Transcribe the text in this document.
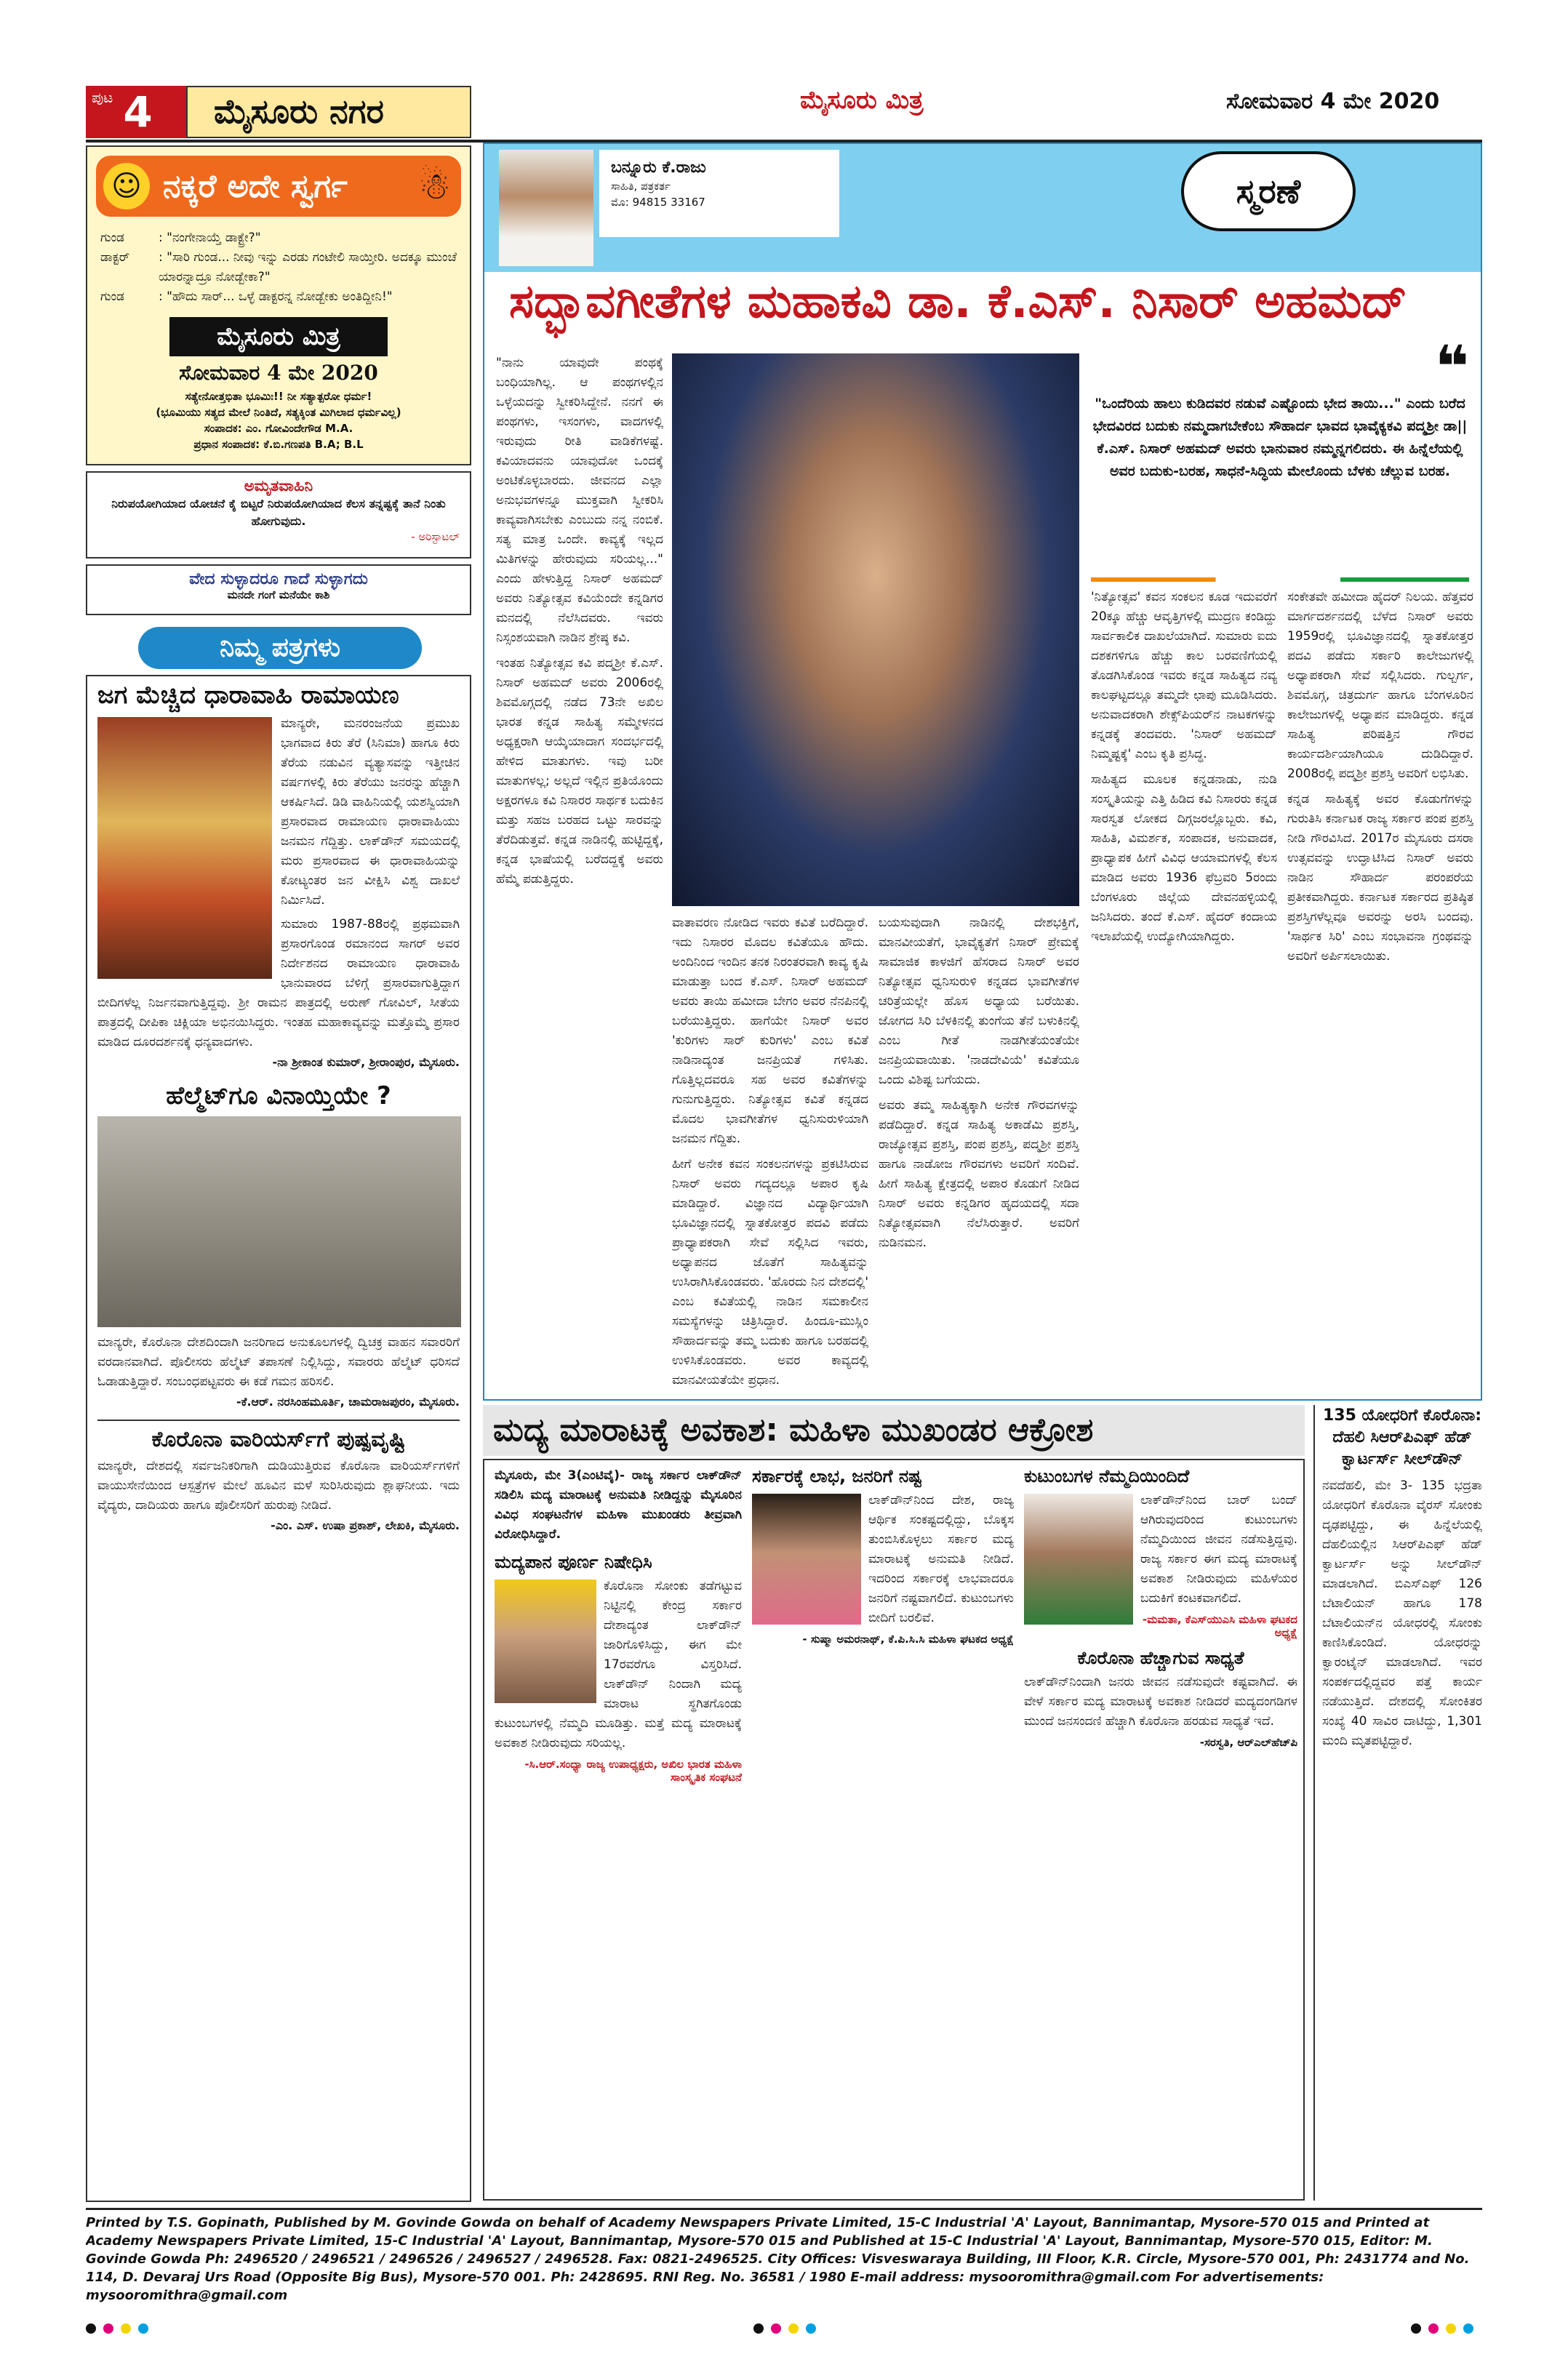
ಪುಟ 4 ಮೈಸೂರು ನಗರ	ಮೈಸೂರು ಮಿತ್ರ	ಸೋಮವಾರ 4 ಮೇ 2020
☺ ನಕ್ಕರೆ ಅದೇ ಸ್ವರ್ಗ ☃
ಗುಂಡ	: "ನಂಗೇನಾಯ್ತೆ ಡಾಕ್ಟ್ರೇ?"
ಡಾಕ್ಟರ್	: "ಸಾರಿ ಗುಂಡ... ನೀವು ಇನ್ನು ಎರಡು ಗಂಟೇಲಿ ಸಾಯ್ತೀರಿ. ಅದಕ್ಕೂ ಮುಂಚೆ ಯಾರನ್ನಾದ್ರೂ ನೋಡ್ಬೇಕಾ?"
ಗುಂಡ	: "ಹೌದು ಸಾರ್... ಒಳ್ಳೆ ಡಾಕ್ಟರನ್ನ ನೋಡ್ಬೇಕು ಅಂತಿದ್ದೀನಿ!"
ಮೈಸೂರು ಮಿತ್ರ
ಸೋಮವಾರ 4 ಮೇ 2020
ಸತ್ಯೇನೋತ್ತಭಿತಾ ಭೂಮಿಃ!! ನೀ ಸತ್ಯಾತ್ಪರೋ ಧರ್ಮ!
(ಭೂಮಿಯು ಸತ್ಯದ ಮೇಲೆ ನಿಂತಿದೆ, ಸತ್ಯಕ್ಕಿಂತ ಮಿಗಿಲಾದ ಧರ್ಮವಿಲ್ಲ)
ಸಂಪಾದಕ: ಎಂ. ಗೋವಿಂದೇಗೌಡ M.A.
ಪ್ರಧಾನ ಸಂಪಾದಕ: ಕೆ.ಬಿ.ಗಣಪತಿ B.A; B.L
ಅಮೃತವಾಹಿನಿ
ನಿರುಪಯೋಗಿಯಾದ ಯೋಚನೆ ಕೈ ಬಿಟ್ಟರೆ ನಿರುಪಯೋಗಿಯಾದ ಕೆಲಸ ತನ್ನಷ್ಟಕ್ಕೆ ತಾನೆ ನಿಂತು ಹೋಗುವುದು.
- ಅರಿಸ್ಟಾಟಲ್
ವೇದ ಸುಳ್ಳಾದರೂ ಗಾದೆ ಸುಳ್ಳಾಗದು
ಮನದೇ ಗಂಗೆ ಮನೆಯೇ ಕಾಶಿ
ನಿಮ್ಮ ಪತ್ರಗಳು
ಜಗ ಮೆಚ್ಚಿದ ಧಾರಾವಾಹಿ ರಾಮಾಯಣ
ಮಾನ್ಯರೇ, ಮನರಂಜನೆಯ ಪ್ರಮುಖ ಭಾಗವಾದ ಕಿರು ತೆರೆ (ಸಿನಿಮಾ) ಹಾಗೂ ಕಿರು ತೆರೆಯ ನಡುವಿನ ವ್ಯತ್ಯಾಸವನ್ನು ಇತ್ತೀಚಿನ ವರ್ಷಗಳಲ್ಲಿ ಕಿರು ತೆರೆಯು ಜನರನ್ನು ಹೆಚ್ಚಾಗಿ ಆಕರ್ಷಿಸಿದೆ. ಡಿಡಿ ವಾಹಿನಿಯಲ್ಲಿ ಯಶಸ್ವಿಯಾಗಿ ಪ್ರಸಾರವಾದ ರಾಮಾಯಣ ಧಾರಾವಾಹಿಯು ಜನಮನ ಗೆದ್ದಿತ್ತು. ಲಾಕ್‌ಡೌನ್ ಸಮಯದಲ್ಲಿ ಮರು ಪ್ರಸಾರವಾದ ಈ ಧಾರಾವಾಹಿಯನ್ನು ಕೋಟ್ಯಂತರ ಜನ ವೀಕ್ಷಿಸಿ ವಿಶ್ವ ದಾಖಲೆ ನಿರ್ಮಿಸಿದೆ.
ಸುಮಾರು 1987-88ರಲ್ಲಿ ಪ್ರಥಮವಾಗಿ ಪ್ರಸಾರಗೊಂಡ ರಮಾನಂದ ಸಾಗರ್ ಅವರ ನಿರ್ದೇಶನದ ರಾಮಾಯಣ ಧಾರಾವಾಹಿ ಭಾನುವಾರದ ಬೆಳಿಗ್ಗೆ ಪ್ರಸಾರವಾಗುತ್ತಿದ್ದಾಗ ಬೀದಿಗಳೆಲ್ಲ ನಿರ್ಜನವಾಗುತ್ತಿದ್ದವು. ಶ್ರೀ ರಾಮನ ಪಾತ್ರದಲ್ಲಿ ಅರುಣ್ ಗೋವಿಲ್, ಸೀತೆಯ ಪಾತ್ರದಲ್ಲಿ ದೀಪಿಕಾ ಚಿಕ್ಲಿಯಾ ಅಭಿನಯಿಸಿದ್ದರು. ಇಂತಹ ಮಹಾಕಾವ್ಯವನ್ನು ಮತ್ತೊಮ್ಮೆ ಪ್ರಸಾರ ಮಾಡಿದ ದೂರದರ್ಶನಕ್ಕೆ ಧನ್ಯವಾದಗಳು.
-ನಾ ಶ್ರೀಕಾಂತ ಕುಮಾರ್, ಶ್ರೀರಾಂಪುರ, ಮೈಸೂರು.
ಹೆಲ್ಮೆಟ್‌ಗೂ ವಿನಾಯ್ತಿಯೇ ?
ಮಾನ್ಯರೇ, ಕೊರೊನಾ ದೇಶದಿಂದಾಗಿ ಜನರಿಗಾದ ಅನುಕೂಲಗಳಲ್ಲಿ ದ್ವಿಚಕ್ರ ವಾಹನ ಸವಾರರಿಗೆ ವರದಾನವಾಗಿದೆ. ಪೊಲೀಸರು ಹೆಲ್ಮೆಟ್ ತಪಾಸಣೆ ನಿಲ್ಲಿಸಿದ್ದು, ಸವಾರರು ಹೆಲ್ಮೆಟ್ ಧರಿಸದೆ ಓಡಾಡುತ್ತಿದ್ದಾರೆ. ಸಂಬಂಧಪಟ್ಟವರು ಈ ಕಡೆ ಗಮನ ಹರಿಸಲಿ.
-ಕೆ.ಆರ್. ನರಸಿಂಹಮೂರ್ತಿ, ಚಾಮರಾಜಪುರಂ, ಮೈಸೂರು.
ಕೊರೊನಾ ವಾರಿಯರ್ಸ್‌ಗೆ ಪುಷ್ಪವೃಷ್ಟಿ
ಮಾನ್ಯರೇ, ದೇಶದಲ್ಲಿ ಸರ್ವಜನಿಕರಿಗಾಗಿ ದುಡಿಯುತ್ತಿರುವ ಕೊರೊನಾ ವಾರಿಯರ್ಸ್‌ಗಳಿಗೆ ವಾಯುಸೇನೆಯಿಂದ ಆಸ್ಪತ್ರೆಗಳ ಮೇಲೆ ಹೂವಿನ ಮಳೆ ಸುರಿಸಿರುವುದು ಶ್ಲಾಘನೀಯ. ಇದು ವೈದ್ಯರು, ದಾದಿಯರು ಹಾಗೂ ಪೊಲೀಸರಿಗೆ ಹುರುಪು ನೀಡಿದೆ.
-ಎಂ. ಎಸ್. ಉಷಾ ಪ್ರಕಾಶ್, ಲೇಖಕಿ, ಮೈಸೂರು.
ಬನ್ನೂರು ಕೆ.ರಾಜು
ಸಾಹಿತಿ, ಪತ್ರಕರ್ತ
ಮೊ: 94815 33167	ಸ್ಮರಣೆ
ಸದ್ಭಾವಗೀತೆಗಳ ಮಹಾಕವಿ ಡಾ. ಕೆ.ಎಸ್. ನಿಸಾರ್ ಅಹಮದ್
"ನಾನು ಯಾವುದೇ ಪಂಥಕ್ಕೆ ಬಂಧಿಯಾಗಿಲ್ಲ. ಆ ಪಂಥಗಳಲ್ಲಿನ ಒಳ್ಳೆಯದನ್ನು ಸ್ವೀಕರಿಸಿದ್ದೇನೆ. ನನಗೆ ಈ ಪಂಥಗಳು, ಇಸಂಗಳು, ವಾದಗಳಲ್ಲಿ ಇರುವುದು ರೀತಿ ವಾಡಿಕೆಗಳಷ್ಟೆ. ಕವಿಯಾದವನು ಯಾವುದೋ ಒಂದಕ್ಕೆ ಅಂಟಿಕೊಳ್ಳಬಾರದು. ಜೀವನದ ಎಲ್ಲಾ ಅನುಭವಗಳನ್ನೂ ಮುಕ್ತವಾಗಿ ಸ್ವೀಕರಿಸಿ ಕಾವ್ಯವಾಗಿಸಬೇಕು ಎಂಬುದು ನನ್ನ ನಂಬಿಕೆ. ಸತ್ಯ ಮಾತ್ರ ಒಂದೇ. ಕಾವ್ಯಕ್ಕೆ ಇಲ್ಲದ ಮಿತಿಗಳನ್ನು ಹೇರುವುದು ಸರಿಯಲ್ಲ..." ಎಂದು ಹೇಳುತ್ತಿದ್ದ ನಿಸಾರ್ ಅಹಮದ್ ಅವರು ನಿತ್ಯೋತ್ಸವ ಕವಿಯೆಂದೇ ಕನ್ನಡಿಗರ ಮನದಲ್ಲಿ ನೆಲೆಸಿದವರು. ಇವರು ನಿಸ್ಸಂಶಯವಾಗಿ ನಾಡಿನ ಶ್ರೇಷ್ಠ ಕವಿ.
ಇಂತಹ ನಿತ್ಯೋತ್ಸವ ಕವಿ ಪದ್ಮಶ್ರೀ ಕೆ.ಎಸ್. ನಿಸಾರ್ ಅಹಮದ್ ಅವರು 2006ರಲ್ಲಿ ಶಿವಮೊಗ್ಗದಲ್ಲಿ ನಡೆದ 73ನೇ ಅಖಿಲ ಭಾರತ ಕನ್ನಡ ಸಾಹಿತ್ಯ ಸಮ್ಮೇಳನದ ಅಧ್ಯಕ್ಷರಾಗಿ ಆಯ್ಕೆಯಾದಾಗ ಸಂದರ್ಭದಲ್ಲಿ ಹೇಳಿದ ಮಾತುಗಳು. ಇವು ಬರೀ ಮಾತುಗಳಲ್ಲ; ಅಲ್ಲದೆ ಇಲ್ಲಿನ ಪ್ರತಿಯೊಂದು ಅಕ್ಷರಗಳೂ ಕವಿ ನಿಸಾರರ ಸಾರ್ಥಕ ಬದುಕಿನ ಮತ್ತು ಸಹಜ ಬರಹದ ಒಟ್ಟು ಸಾರವನ್ನು ತೆರೆದಿಡುತ್ತವೆ. ಕನ್ನಡ ನಾಡಿನಲ್ಲಿ ಹುಟ್ಟಿದ್ದಕ್ಕೆ, ಕನ್ನಡ ಭಾಷೆಯಲ್ಲಿ ಬರೆದದ್ದಕ್ಕೆ ಅವರು ಹೆಮ್ಮೆ ಪಡುತ್ತಿದ್ದರು.
ವಾತಾವರಣ ನೋಡಿದ ಇವರು ಕವಿತೆ ಬರೆದಿದ್ದಾರೆ. ಇದು ನಿಸಾರರ ಮೊದಲ ಕವಿತೆಯೂ ಹೌದು. ಅಂದಿನಿಂದ ಇಂದಿನ ತನಕ ನಿರಂತರವಾಗಿ ಕಾವ್ಯ ಕೃಷಿ ಮಾಡುತ್ತಾ ಬಂದ ಕೆ.ಎಸ್. ನಿಸಾರ್ ಅಹಮದ್ ಅವರು ತಾಯಿ ಹಮೀದಾ ಬೇಗಂ ಅವರ ನೆನಪಿನಲ್ಲಿ ಬರೆಯುತ್ತಿದ್ದರು. ಹಾಗೆಯೇ ನಿಸಾರ್ ಅವರ 'ಕುರಿಗಳು ಸಾರ್ ಕುರಿಗಳು' ಎಂಬ ಕವಿತೆ ನಾಡಿನಾದ್ಯಂತ ಜನಪ್ರಿಯತೆ ಗಳಿಸಿತು. ಗೊತ್ತಿಲ್ಲದವರೂ ಸಹ ಅವರ ಕವಿತೆಗಳನ್ನು ಗುನುಗುತ್ತಿದ್ದರು. ನಿತ್ಯೋತ್ಸವ ಕವಿತೆ ಕನ್ನಡದ ಮೊದಲ ಭಾವಗೀತೆಗಳ ಧ್ವನಿಸುರುಳಿಯಾಗಿ ಜನಮನ ಗೆದ್ದಿತು.
ಹೀಗೆ ಅನೇಕ ಕವನ ಸಂಕಲನಗಳನ್ನು ಪ್ರಕಟಿಸಿರುವ ನಿಸಾರ್ ಅವರು ಗದ್ಯದಲ್ಲೂ ಅಪಾರ ಕೃಷಿ ಮಾಡಿದ್ದಾರೆ. ವಿಜ್ಞಾನದ ವಿದ್ಯಾರ್ಥಿಯಾಗಿ ಭೂವಿಜ್ಞಾನದಲ್ಲಿ ಸ್ನಾತಕೋತ್ತರ ಪದವಿ ಪಡೆದು ಪ್ರಾಧ್ಯಾಪಕರಾಗಿ ಸೇವೆ ಸಲ್ಲಿಸಿದ ಇವರು, ಅಧ್ಯಾಪನದ ಜೊತೆಗೆ ಸಾಹಿತ್ಯವನ್ನು ಉಸಿರಾಗಿಸಿಕೊಂಡವರು. 'ಹೊರದು ನಿನ ದೇಶದಲ್ಲಿ' ಎಂಬ ಕವಿತೆಯಲ್ಲಿ ನಾಡಿನ ಸಮಕಾಲೀನ ಸಮಸ್ಯೆಗಳನ್ನು ಚಿತ್ರಿಸಿದ್ದಾರೆ. ಹಿಂದೂ-ಮುಸ್ಲಿಂ ಸೌಹಾರ್ದವನ್ನು ತಮ್ಮ ಬದುಕು ಹಾಗೂ ಬರಹದಲ್ಲಿ ಉಳಿಸಿಕೊಂಡವರು. ಅವರ ಕಾವ್ಯದಲ್ಲಿ ಮಾನವೀಯತೆಯೇ ಪ್ರಧಾನ.
ಬಯಸುವುದಾಗಿ ನಾಡಿನಲ್ಲಿ ದೇಶಭಕ್ತಿಗೆ, ಮಾನವೀಯತೆಗೆ, ಭಾವೈಕ್ಯತೆಗೆ ನಿಸಾರ್ ಪ್ರೇಮಕ್ಕೆ ಸಾಮಾಜಿಕ ಕಾಳಜಿಗೆ ಹೆಸರಾದ ನಿಸಾರ್ ಅವರ ನಿತ್ಯೋತ್ಸವ ಧ್ವನಿಸುರುಳಿ ಕನ್ನಡದ ಭಾವಗೀತೆಗಳ ಚರಿತ್ರೆಯಲ್ಲೇ ಹೊಸ ಅಧ್ಯಾಯ ಬರೆಯಿತು. ಜೋಗದ ಸಿರಿ ಬೆಳಕಿನಲ್ಲಿ ತುಂಗೆಯ ತೆನೆ ಬಳುಕಿನಲ್ಲಿ ಎಂಬ ಗೀತೆ ನಾಡಗೀತೆಯಂತೆಯೇ ಜನಪ್ರಿಯವಾಯಿತು. 'ನಾಡದೇವಿಯೆ' ಕವಿತೆಯೂ ಒಂದು ವಿಶಿಷ್ಟ ಬಗೆಯದು.
ಅವರು ತಮ್ಮ ಸಾಹಿತ್ಯಕ್ಕಾಗಿ ಅನೇಕ ಗೌರವಗಳನ್ನು ಪಡೆದಿದ್ದಾರೆ. ಕನ್ನಡ ಸಾಹಿತ್ಯ ಅಕಾಡೆಮಿ ಪ್ರಶಸ್ತಿ, ರಾಜ್ಯೋತ್ಸವ ಪ್ರಶಸ್ತಿ, ಪಂಪ ಪ್ರಶಸ್ತಿ, ಪದ್ಮಶ್ರೀ ಪ್ರಶಸ್ತಿ ಹಾಗೂ ನಾಡೋಜ ಗೌರವಗಳು ಅವರಿಗೆ ಸಂದಿವೆ. ಹೀಗೆ ಸಾಹಿತ್ಯ ಕ್ಷೇತ್ರದಲ್ಲಿ ಅಪಾರ ಕೊಡುಗೆ ನೀಡಿದ ನಿಸಾರ್ ಅವರು ಕನ್ನಡಿಗರ ಹೃದಯದಲ್ಲಿ ಸದಾ ನಿತ್ಯೋತ್ಸವವಾಗಿ ನೆಲೆಸಿರುತ್ತಾರೆ. ಅವರಿಗೆ ನುಡಿನಮನ.
❝
"ಒಂದೆರಿಯ ಹಾಲು ಕುಡಿದವರ ನಡುವೆ ಎಷ್ಟೊಂದು ಭೇದ ತಾಯಿ..." ಎಂದು ಬರೆದ ಭೇದವಿರದ ಬದುಕು ನಮ್ಮದಾಗಬೇಕೆಂಬ ಸೌಹಾರ್ದ ಭಾವದ ಭಾವೈಕ್ಯಕವಿ ಪದ್ಮಶ್ರೀ ಡಾ|| ಕೆ.ಎಸ್. ನಿಸಾರ್ ಅಹಮದ್ ಅವರು ಭಾನುವಾರ ನಮ್ಮನ್ನಗಲಿದರು. ಈ ಹಿನ್ನೆಲೆಯಲ್ಲಿ ಅವರ ಬದುಕು-ಬರಹ, ಸಾಧನೆ-ಸಿದ್ಧಿಯ ಮೇಲೊಂದು ಬೆಳಕು ಚೆಲ್ಲುವ ಬರಹ.
'ನಿತ್ಯೋತ್ಸವ' ಕವನ ಸಂಕಲನ ಕೂಡ ಇದುವರೆಗೆ 20ಕ್ಕೂ ಹೆಚ್ಚು ಆವೃತ್ತಿಗಳಲ್ಲಿ ಮುದ್ರಣ ಕಂಡಿದ್ದು ಸಾರ್ವಕಾಲಿಕ ದಾಖಲೆಯಾಗಿದೆ. ಸುಮಾರು ಐದು ದಶಕಗಳಿಗೂ ಹೆಚ್ಚು ಕಾಲ ಬರವಣಿಗೆಯಲ್ಲಿ ತೊಡಗಿಸಿಕೊಂಡ ಇವರು ಕನ್ನಡ ಸಾಹಿತ್ಯದ ನವ್ಯ ಕಾಲಘಟ್ಟದಲ್ಲೂ ತಮ್ಮದೇ ಛಾಪು ಮೂಡಿಸಿದರು. ಅನುವಾದಕರಾಗಿ ಶೇಕ್ಸ್‌ಪಿಯರ್‌ನ ನಾಟಕಗಳನ್ನು ಕನ್ನಡಕ್ಕೆ ತಂದವರು. 'ನಿಸಾರ್ ಅಹಮದ್ ನಿಮ್ಮಷ್ಟಕ್ಕೆ' ಎಂಬ ಕೃತಿ ಪ್ರಸಿದ್ಧ.
ಸಾಹಿತ್ಯದ ಮೂಲಕ ಕನ್ನಡನಾಡು, ನುಡಿ ಸಂಸ್ಕೃತಿಯನ್ನು ಎತ್ತಿ ಹಿಡಿದ ಕವಿ ನಿಸಾರರು ಕನ್ನಡ ಸಾರಸ್ವತ ಲೋಕದ ದಿಗ್ಗಜರಲ್ಲೊಬ್ಬರು. ಕವಿ, ಸಾಹಿತಿ, ವಿಮರ್ಶಕ, ಸಂಪಾದಕ, ಅನುವಾದಕ, ಪ್ರಾಧ್ಯಾಪಕ ಹೀಗೆ ವಿವಿಧ ಆಯಾಮಗಳಲ್ಲಿ ಕೆಲಸ ಮಾಡಿದ ಅವರು 1936 ಫೆಬ್ರವರಿ 5ರಂದು ಬೆಂಗಳೂರು ಜಿಲ್ಲೆಯ ದೇವನಹಳ್ಳಿಯಲ್ಲಿ ಜನಿಸಿದರು. ತಂದೆ ಕೆ.ಎಸ್. ಹೈದರ್ ಕಂದಾಯ ಇಲಾಖೆಯಲ್ಲಿ ಉದ್ಯೋಗಿಯಾಗಿದ್ದರು.
ಸಂಕೇತವೇ ಹಮೀದಾ ಹೈದರ್ ನಿಲಯ. ಹೆತ್ತವರ ಮಾರ್ಗದರ್ಶನದಲ್ಲಿ ಬೆಳೆದ ನಿಸಾರ್ ಅವರು 1959ರಲ್ಲಿ ಭೂವಿಜ್ಞಾನದಲ್ಲಿ ಸ್ನಾತಕೋತ್ತರ ಪದವಿ ಪಡೆದು ಸರ್ಕಾರಿ ಕಾಲೇಜುಗಳಲ್ಲಿ ಅಧ್ಯಾಪಕರಾಗಿ ಸೇವೆ ಸಲ್ಲಿಸಿದರು. ಗುಲ್ಬರ್ಗ, ಶಿವಮೊಗ್ಗ, ಚಿತ್ರದುರ್ಗ ಹಾಗೂ ಬೆಂಗಳೂರಿನ ಕಾಲೇಜುಗಳಲ್ಲಿ ಅಧ್ಯಾಪನ ಮಾಡಿದ್ದರು. ಕನ್ನಡ ಸಾಹಿತ್ಯ ಪರಿಷತ್ತಿನ ಗೌರವ ಕಾರ್ಯದರ್ಶಿಯಾಗಿಯೂ ದುಡಿದಿದ್ದಾರೆ. 2008ರಲ್ಲಿ ಪದ್ಮಶ್ರೀ ಪ್ರಶಸ್ತಿ ಅವರಿಗೆ ಲಭಿಸಿತು.
ಕನ್ನಡ ಸಾಹಿತ್ಯಕ್ಕೆ ಅವರ ಕೊಡುಗೆಗಳನ್ನು ಗುರುತಿಸಿ ಕರ್ನಾಟಕ ರಾಜ್ಯ ಸರ್ಕಾರ ಪಂಪ ಪ್ರಶಸ್ತಿ ನೀಡಿ ಗೌರವಿಸಿದೆ. 2017ರ ಮೈಸೂರು ದಸರಾ ಉತ್ಸವವನ್ನು ಉದ್ಘಾಟಿಸಿದ ನಿಸಾರ್ ಅವರು ನಾಡಿನ ಸೌಹಾರ್ದ ಪರಂಪರೆಯ ಪ್ರತೀಕವಾಗಿದ್ದರು. ಕರ್ನಾಟಕ ಸರ್ಕಾರದ ಪ್ರತಿಷ್ಠಿತ ಪ್ರಶಸ್ತಿಗಳೆಲ್ಲವೂ ಅವರನ್ನು ಅರಸಿ ಬಂದವು. 'ಸಾರ್ಥಕ ಸಿರಿ' ಎಂಬ ಸಂಭಾವನಾ ಗ್ರಂಥವನ್ನು ಅವರಿಗೆ ಅರ್ಪಿಸಲಾಯಿತು.
ಮದ್ಯ ಮಾರಾಟಕ್ಕೆ ಅವಕಾಶ: ಮಹಿಳಾ ಮುಖಂಡರ ಆಕ್ರೋಶ
ಮೈಸೂರು, ಮೇ 3(ಎಂಟಿವೈ)- ರಾಜ್ಯ ಸರ್ಕಾರ ಲಾಕ್‌ಡೌನ್ ಸಡಿಲಿಸಿ ಮದ್ಯ ಮಾರಾಟಕ್ಕೆ ಅನುಮತಿ ನೀಡಿದ್ದನ್ನು ಮೈಸೂರಿನ ವಿವಿಧ ಸಂಘಟನೆಗಳ ಮಹಿಳಾ ಮುಖಂಡರು ತೀವ್ರವಾಗಿ ವಿರೋಧಿಸಿದ್ದಾರೆ.
ಮದ್ಯಪಾನ ಪೂರ್ಣ ನಿಷೇಧಿಸಿ
ಕೊರೊನಾ ಸೋಂಕು ತಡೆಗಟ್ಟುವ ನಿಟ್ಟಿನಲ್ಲಿ ಕೇಂದ್ರ ಸರ್ಕಾರ ದೇಶಾದ್ಯಂತ ಲಾಕ್‌ಡೌನ್ ಜಾರಿಗೊಳಿಸಿದ್ದು, ಈಗ ಮೇ 17ರವರೆಗೂ ವಿಸ್ತರಿಸಿದೆ. ಲಾಕ್‌ಡೌನ್ ನಿಂದಾಗಿ ಮದ್ಯ ಮಾರಾಟ ಸ್ಥಗಿತಗೊಂಡು ಕುಟುಂಬಗಳಲ್ಲಿ ನೆಮ್ಮದಿ ಮೂಡಿತ್ತು. ಮತ್ತೆ ಮದ್ಯ ಮಾರಾಟಕ್ಕೆ ಅವಕಾಶ ನೀಡಿರುವುದು ಸರಿಯಲ್ಲ.
-ಸಿ.ಆರ್.ಸಂಧ್ಯಾ ರಾಜ್ಯ ಉಪಾಧ್ಯಕ್ಷರು, ಅಖಿಲ ಭಾರತ ಮಹಿಳಾ ಸಾಂಸ್ಕೃತಿಕ ಸಂಘಟನೆ
ಸರ್ಕಾರಕ್ಕೆ ಲಾಭ, ಜನರಿಗೆ ನಷ್ಟ
ಲಾಕ್‌ಡೌನ್‌ನಿಂದ ದೇಶ, ರಾಜ್ಯ ಆರ್ಥಿಕ ಸಂಕಷ್ಟದಲ್ಲಿದ್ದು, ಬೊಕ್ಕಸ ತುಂಬಿಸಿಕೊಳ್ಳಲು ಸರ್ಕಾರ ಮದ್ಯ ಮಾರಾಟಕ್ಕೆ ಅನುಮತಿ ನೀಡಿದೆ. ಇದರಿಂದ ಸರ್ಕಾರಕ್ಕೆ ಲಾಭವಾದರೂ ಜನರಿಗೆ ನಷ್ಟವಾಗಲಿದೆ. ಕುಟುಂಬಗಳು ಬೀದಿಗೆ ಬರಲಿವೆ.
- ಸುಷ್ಮಾ ಅಮರನಾಥ್, ಕೆ.ಪಿ.ಸಿ.ಸಿ ಮಹಿಳಾ ಘಟಕದ ಅಧ್ಯಕ್ಷೆ
ಕುಟುಂಬಗಳ ನೆಮ್ಮದಿಯಿಂದಿದೆ
ಲಾಕ್‌ಡೌನ್‌ನಿಂದ ಬಾರ್ ಬಂದ್ ಆಗಿರುವುದರಿಂದ ಕುಟುಂಬಗಳು ನೆಮ್ಮದಿಯಿಂದ ಜೀವನ ನಡೆಸುತ್ತಿದ್ದವು. ರಾಜ್ಯ ಸರ್ಕಾರ ಈಗ ಮದ್ಯ ಮಾರಾಟಕ್ಕೆ ಅವಕಾಶ ನೀಡಿರುವುದು ಮಹಿಳೆಯರ ಬದುಕಿಗೆ ಕಂಟಕವಾಗಲಿದೆ.
-ಮಮತಾ, ಕೆಎಸ್‌ಯುಎಸಿ ಮಹಿಳಾ ಘಟಕದ ಅಧ್ಯಕ್ಷೆ
ಕೊರೊನಾ ಹೆಚ್ಚಾಗುವ ಸಾಧ್ಯತೆ
ಲಾಕ್‌ಡೌನ್‌ನಿಂದಾಗಿ ಜನರು ಜೀವನ ನಡೆಸುವುದೇ ಕಷ್ಟವಾಗಿದೆ. ಈ ವೇಳೆ ಸರ್ಕಾರ ಮದ್ಯ ಮಾರಾಟಕ್ಕೆ ಅವಕಾಶ ನೀಡಿದರೆ ಮದ್ಯದಂಗಡಿಗಳ ಮುಂದೆ ಜನಸಂದಣಿ ಹೆಚ್ಚಾಗಿ ಕೊರೊನಾ ಹರಡುವ ಸಾಧ್ಯತೆ ಇದೆ.
-ಸರಸ್ವತಿ, ಆರ್‌ಎಲ್‌ಹೆಚ್‌ಪಿ
135 ಯೋಧರಿಗೆ ಕೊರೊನಾ: ದೆಹಲಿ ಸಿಆರ್‌ಪಿಎಫ್ ಹೆಡ್ ಕ್ವಾರ್ಟರ್ಸ್ ಸೀಲ್‌ಡೌನ್
ನವದೆಹಲಿ, ಮೇ 3- 135 ಭದ್ರತಾ ಯೋಧರಿಗೆ ಕೊರೊನಾ ವೈರಸ್ ಸೋಂಕು ದೃಢಪಟ್ಟಿದ್ದು, ಈ ಹಿನ್ನೆಲೆಯಲ್ಲಿ ದೆಹಲಿಯಲ್ಲಿನ ಸಿಆರ್‌ಪಿಎಫ್ ಹೆಡ್ ಕ್ವಾರ್ಟರ್ಸ್ ಅನ್ನು ಸೀಲ್‌ಡೌನ್ ಮಾಡಲಾಗಿದೆ. ಬಿಎಸ್‌ಎಫ್ 126 ಬೆಟಾಲಿಯನ್ ಹಾಗೂ 178 ಬೆಟಾಲಿಯನ್‌ನ ಯೋಧರಲ್ಲಿ ಸೋಂಕು ಕಾಣಿಸಿಕೊಂಡಿದೆ. ಯೋಧರನ್ನು ಕ್ವಾರಂಟೈನ್ ಮಾಡಲಾಗಿದೆ. ಇವರ ಸಂಪರ್ಕದಲ್ಲಿದ್ದವರ ಪತ್ತೆ ಕಾರ್ಯ ನಡೆಯುತ್ತಿದೆ. ದೇಶದಲ್ಲಿ ಸೋಂಕಿತರ ಸಂಖ್ಯೆ 40 ಸಾವಿರ ದಾಟಿದ್ದು, 1,301 ಮಂದಿ ಮೃತಪಟ್ಟಿದ್ದಾರೆ.
Printed by T.S. Gopinath, Published by M. Govinde Gowda on behalf of Academy Newspapers Private Limited, 15-C Industrial 'A' Layout, Bannimantap, Mysore-570 015 and Printed at Academy Newspapers Private Limited, 15-C Industrial 'A' Layout, Bannimantap, Mysore-570 015 and Published at 15-C Industrial 'A' Layout, Bannimantap, Mysore-570 015, Editor: M. Govinde Gowda Ph: 2496520 / 2496521 / 2496526 / 2496527 / 2496528. Fax: 0821-2496525. City Offices: Visveswaraya Building, III Floor, K.R. Circle, Mysore-570 001, Ph: 2431774 and No. 114, D. Devaraj Urs Road (Opposite Big Bus), Mysore-570 001. Ph: 2428695. RNI Reg. No. 36581 / 1980 E-mail address: mysooromithra@gmail.com For advertisements: mysooromithra@gmail.com
